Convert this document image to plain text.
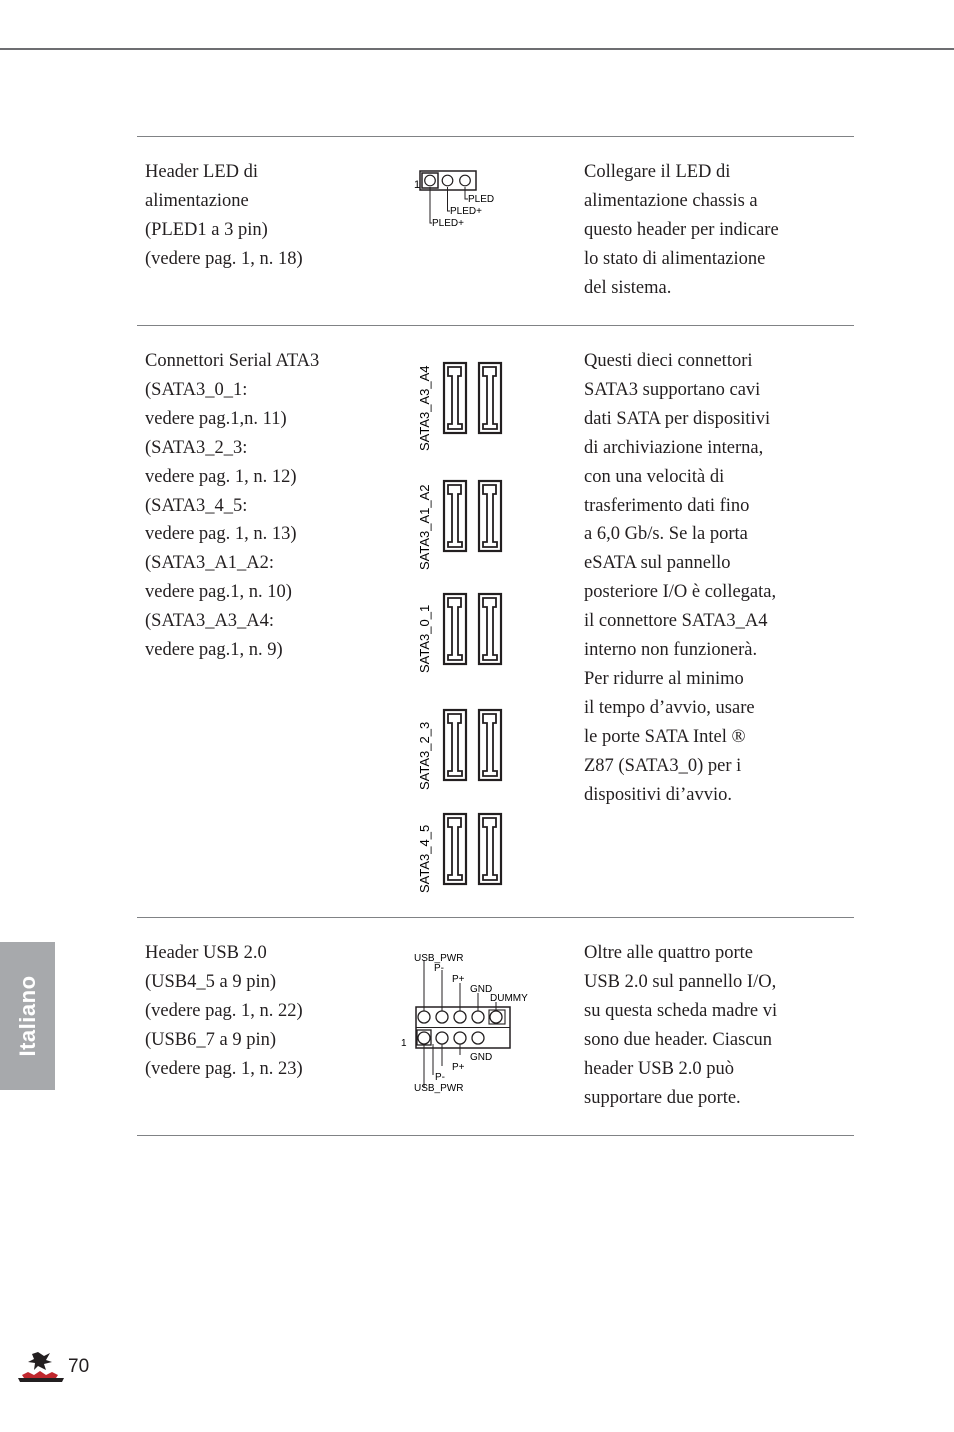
Header LED di
alimentazione
(PLED1 a 3 pin)
(vedere pag. 1, n. 18)
1
PLED
PLED+
PLED+
Collegare il LED di
alimentazione chassis a
questo header per indicare
lo stato di alimentazione
del sistema.
Connettori Serial ATA3
(SATA3_0_1:
vedere pag.1,n. 11)
(SATA3_2_3:
vedere pag. 1, n. 12)
(SATA3_4_5:
vedere pag. 1, n. 13)
(SATA3_A1_A2:
vedere pag.1, n. 10)
(SATA3_A3_A4:
vedere pag.1, n. 9)
SATA3_A3_A4
SATA3_A1_A2
SATA3_0_1
SATA3_2_3
SATA3_4_5
Questi dieci connettori
SATA3 supportano cavi
dati SATA per dispositivi
di archiviazione interna,
con una velocità di
trasferimento dati fino
a 6,0 Gb/s. Se la porta
eSATA sul pannello
posteriore I/O è collegata,
il connettore SATA3_A4
interno non funzionerà.
Per ridurre al minimo
il tempo d’avvio, usare
le porte SATA Intel ®
Z87 (SATA3_0) per i
dispositivi di’avvio.
Header USB 2.0
(USB4_5 a 9 pin)
(vedere pag. 1, n. 22)
(USB6_7 a 9 pin)
(vedere pag. 1, n. 23)
1
USB_PWR
P-
P+
GND
DUMMY
GND
P+
P-
USB_PWR
Oltre alle quattro porte
USB 2.0 sul pannello I/O,
su questa scheda madre vi
sono due header. Ciascun
header USB 2.0 può
supportare due porte.
Italiano
70
